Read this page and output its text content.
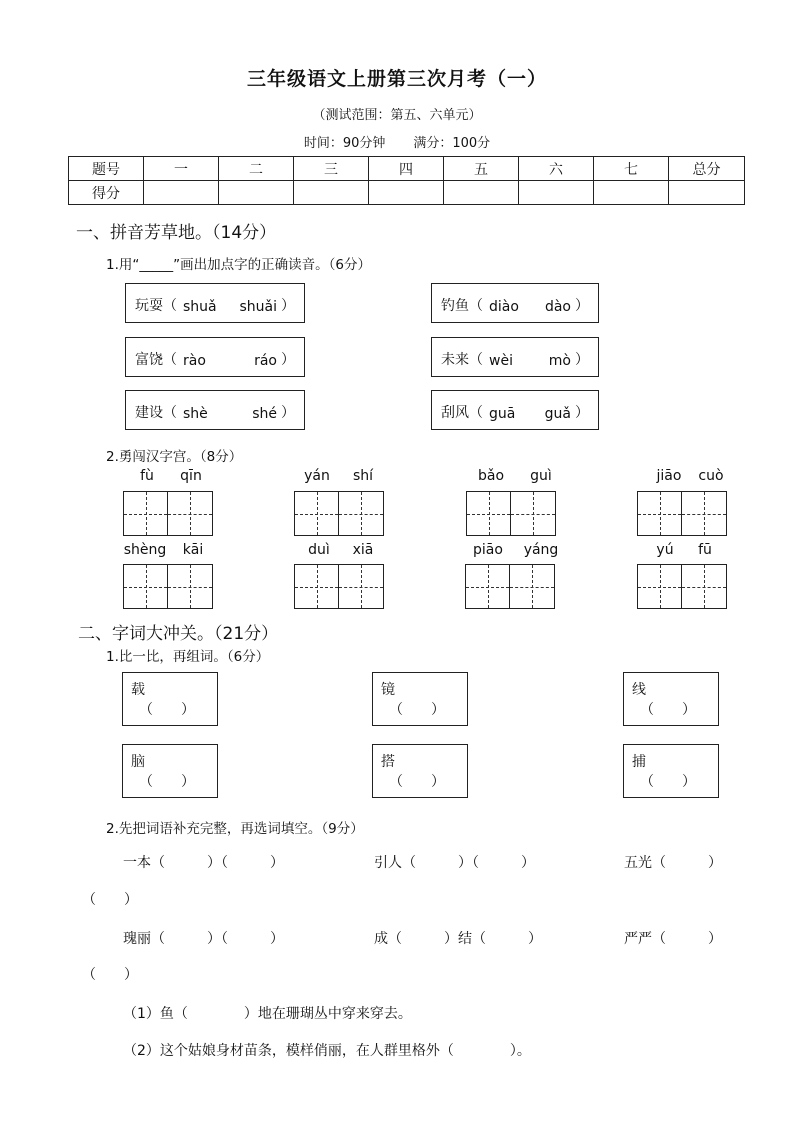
三年级语文上册第三次月考（一）
（测试范围：第五、六单元）
时间：90分钟 满分：100分
题号	一	二	三	四	五	六	七	总分
得分								
一、拼音芳草地。（14分）
1.用“_____”画出加点字的正确读音。（6分）
玩耍（ shuǎ shuǎi ）	钓鱼（ diào dào ）
富饶（ rào	ráo ）	未来（ wèi	mò ）
建设（ shè	shé ）	刮风（ guā guǎ ）
2.勇闯汉字宫。（8分）
fù	qīn	yán	shí	bǎo	guì	jiāo	cuò
shèng	kāi	duì	xiā	piāo	yáng	yú	fū
二、字词大冲关。（21分）
1.比一比，再组词。（6分）
载
（　　）
镜
（　　）
线
（　　）
脑
（　　）
搭
（　　）
捕
（　　）
2.先把词语补充完整，再选词填空。（9分）
一本（　　　）（　　　）	引人（　　　）（　　　）	五光（　　　）
（　　）
瑰丽（　　　）（　　　）	成（　　　）结（　　　）	严严（　　　）
（　　）
（1）鱼（　　　　）地在珊瑚丛中穿来穿去。
（2）这个姑娘身材苗条，模样俏丽，在人群里格外（　　　　）。
